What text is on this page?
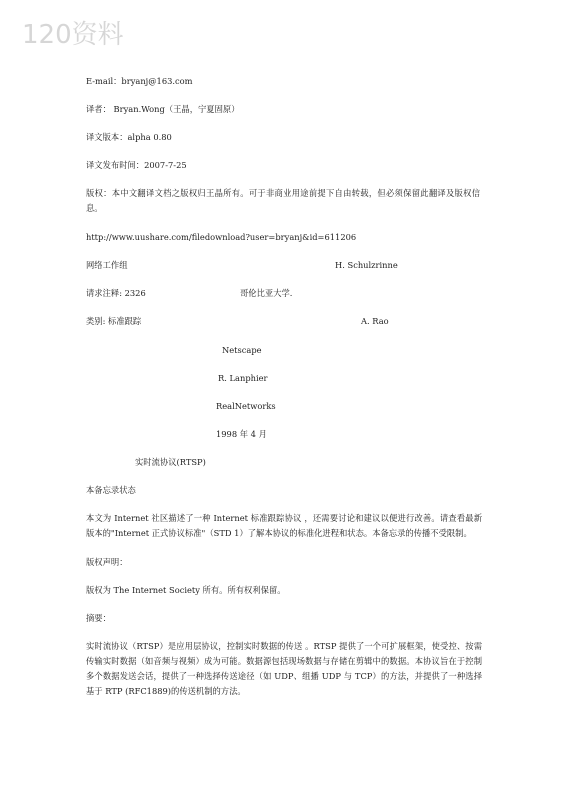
120资料
E-mail：bryanj@163.com
译者： Bryan.Wong（王晶，宁夏固原）
译文版本：alpha 0.80
译文发布时间：2007-7-25
版权：本中文翻译文档之版权归王晶所有。可于非商业用途前提下自由转载，但必须保留此翻译及版权信息。
http://www.uushare.com/filedownload?user=bryanj&id=611206
网络工作组	H. Schulzrinne
请求注释: 2326	哥伦比亚大学.
类别: 标准跟踪	A. Rao
Netscape
R. Lanphier
RealNetworks
1998 年 4 月
实时流协议(RTSP)
本备忘录状态
本文为 Internet 社区描述了一种 Internet 标准跟踪协议 ，还需要讨论和建议以便进行改善。请查看最新版本的"Internet 正式协议标准"（STD 1）了解本协议的标准化进程和状态。本备忘录的传播不受限制。
版权声明：
版权为 The Internet Society 所有。所有权利保留。
摘要：
实时流协议（RTSP）是应用层协议，控制实时数据的传送 。RTSP 提供了一个可扩展框架，使受控、按需传输实时数据（如音频与视频）成为可能。数据源包括现场数据与存储在剪辑中的数据。本协议旨在于控制多个数据发送会话，提供了一种选择传送途径（如 UDP、组播 UDP 与 TCP）的方法，并提供了一种选择基于 RTP (RFC1889)的传送机制的方法。
